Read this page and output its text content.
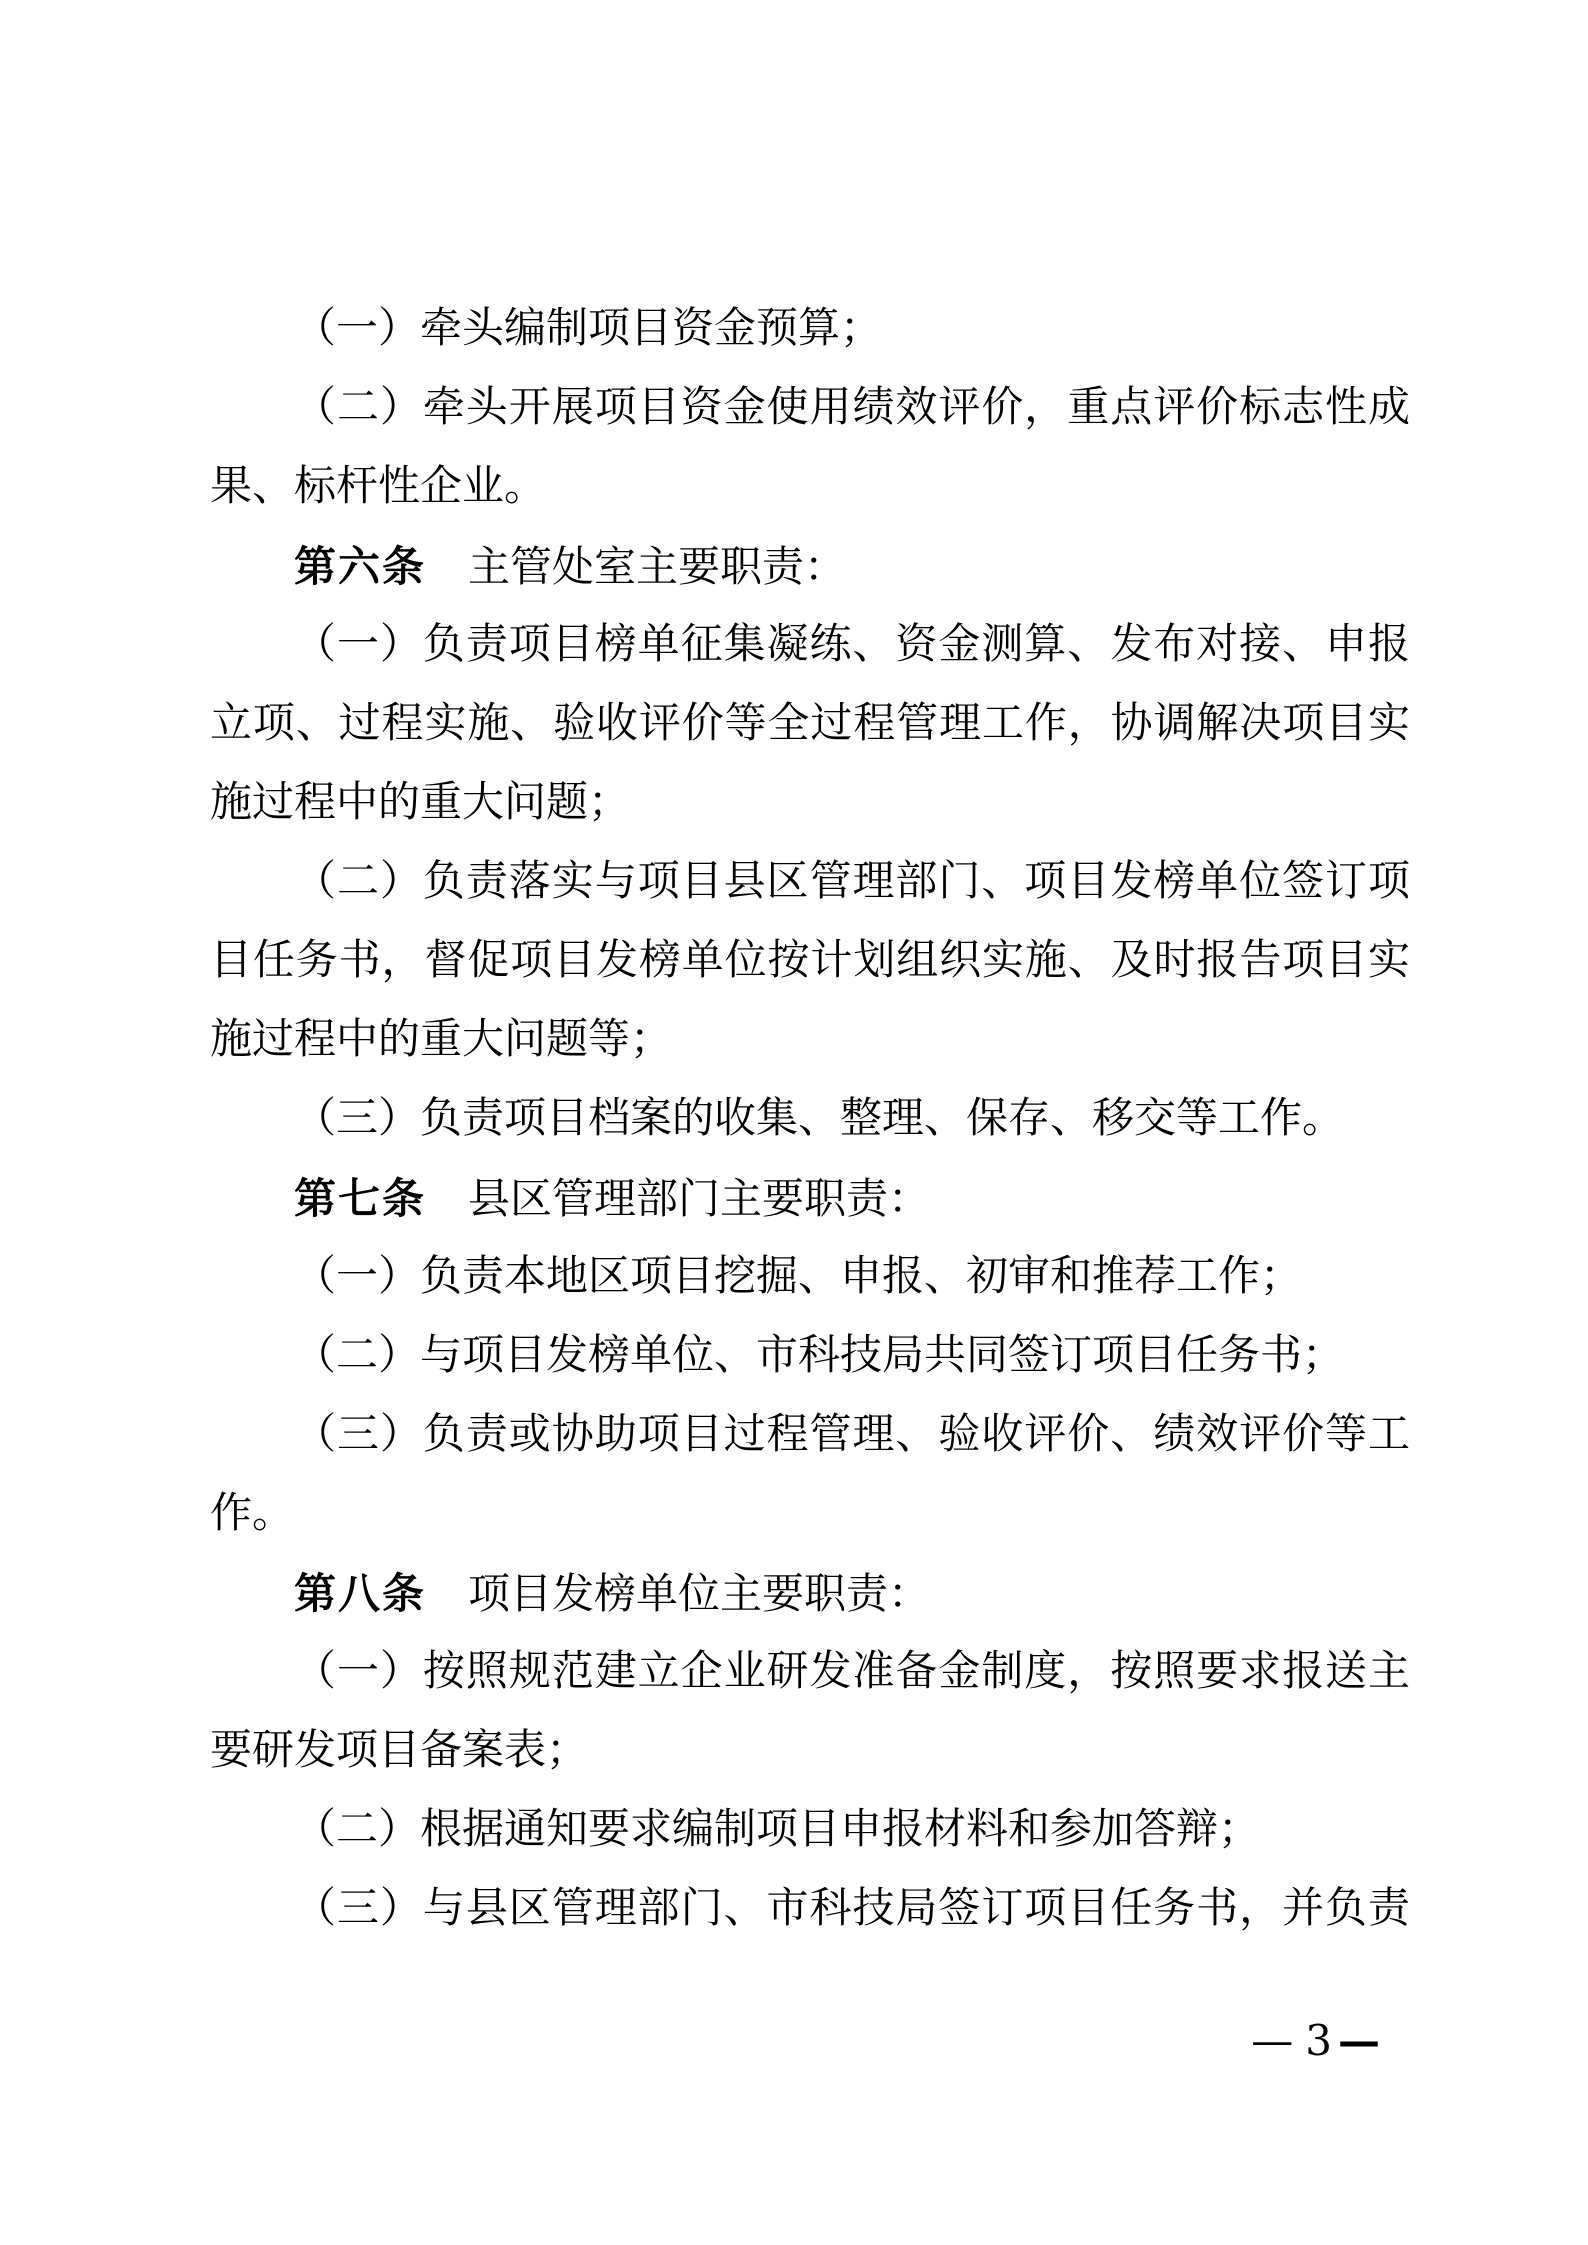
（一）牵头编制项目资金预算；

（二）牵头开展项目资金使用绩效评价，重点评价标志性成

果、标杆性企业。

第六条 主管处室主要职责：

（一）负责项目榜单征集凝练、资金测算、发布对接、申报

立项、过程实施、验收评价等全过程管理工作，协调解决项目实

施过程中的重大问题；

（二）负责落实与项目县区管理部门、项目发榜单位签订项

目任务书，督促项目发榜单位按计划组织实施、及时报告项目实

施过程中的重大问题等；

（三）负责项目档案的收集、整理、保存、移交等工作。

第七条 县区管理部门主要职责：

（一）负责本地区项目挖掘、申报、初审和推荐工作；

（二）与项目发榜单位、市科技局共同签订项目任务书；

（三）负责或协助项目过程管理、验收评价、绩效评价等工

作。

第八条 项目发榜单位主要职责：

（一）按照规范建立企业研发准备金制度，按照要求报送主

要研发项目备案表；

（二）根据通知要求编制项目申报材料和参加答辩；

（三）与县区管理部门、市科技局签订项目任务书，并负责

— 3 —
